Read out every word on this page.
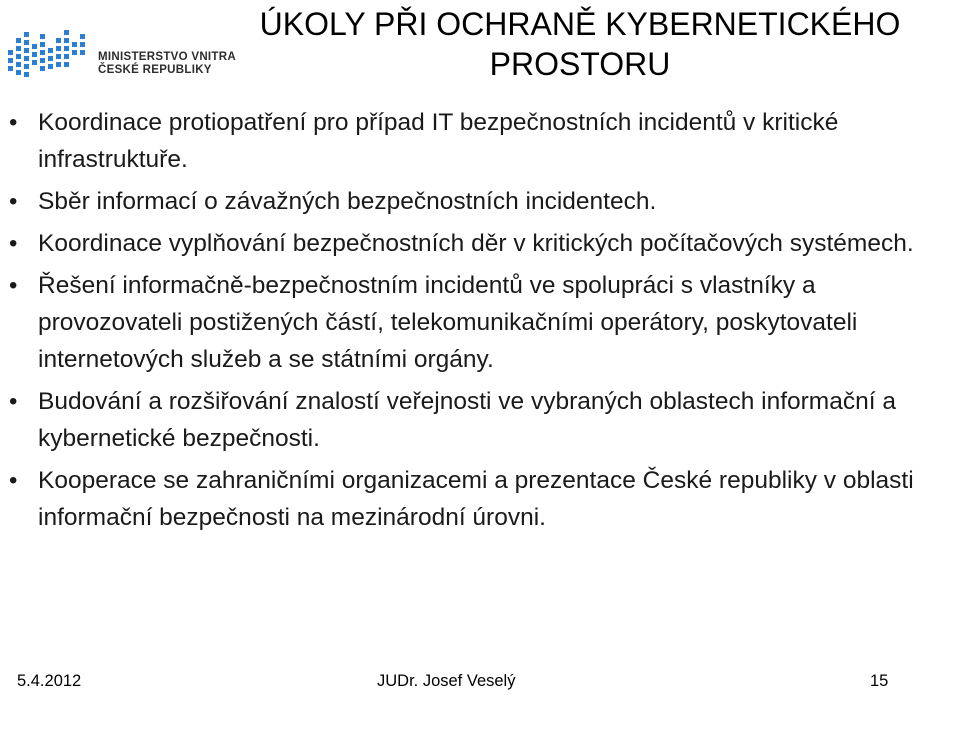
MINISTERSTVO VNITRA
ČESKÉ REPUBLIKY
ÚKOLY PŘI OCHRANĚ KYBERNETICKÉHO
PROSTORU
• Koordinace protiopatření pro případ IT bezpečnostních incidentů v kritické infrastruktuře.
• Sběr informací o závažných bezpečnostních incidentech.
• Koordinace vyplňování bezpečnostních děr v kritických počítačových systémech.
• Řešení informačně-bezpečnostním incidentů ve spolupráci s vlastníky a provozovateli postižených částí, telekomunikačními operátory, poskytovateli internetových služeb a se státními orgány.
• Budování a rozšiřování znalostí veřejnosti ve vybraných oblastech informační a kybernetické bezpečnosti.
• Kooperace se zahraničními organizacemi a prezentace České republiky v oblasti informační bezpečnosti na mezinárodní úrovni.
5.4.2012	JUDr. Josef Veselý	15
